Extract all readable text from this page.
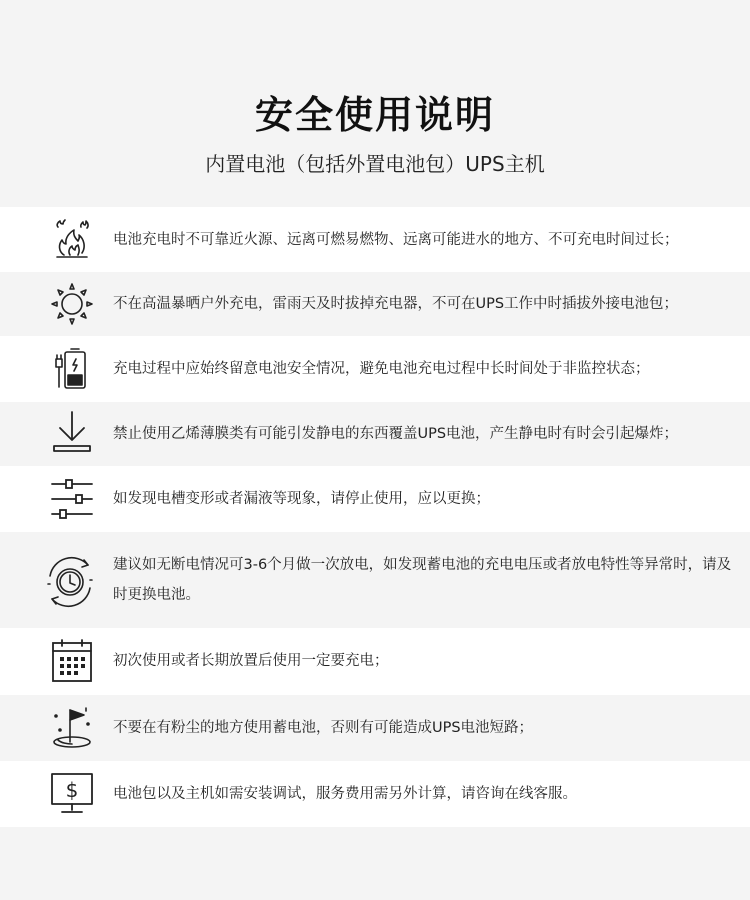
安全使用说明
内置电池（包括外置电池包）UPS主机
电池充电时不可靠近火源、远离可燃易燃物、远离可能进水的地方、不可充电时间过长；
不在高温暴晒户外充电，雷雨天及时拔掉充电器，不可在UPS工作中时插拔外接电池包；
充电过程中应始终留意电池安全情况，避免电池充电过程中长时间处于非监控状态；
禁止使用乙烯薄膜类有可能引发静电的东西覆盖UPS电池，产生静电时有时会引起爆炸；
如发现电槽变形或者漏液等现象，请停止使用，应以更换；
建议如无断电情况可3-6个月做一次放电，如发现蓄电池的充电电压或者放电特性等异常时，请及时更换电池。
初次使用或者长期放置后使用一定要充电；
不要在有粉尘的地方使用蓄电池，否则有可能造成UPS电池短路；
$ 电池包以及主机如需安装调试，服务费用需另外计算，请咨询在线客服。
